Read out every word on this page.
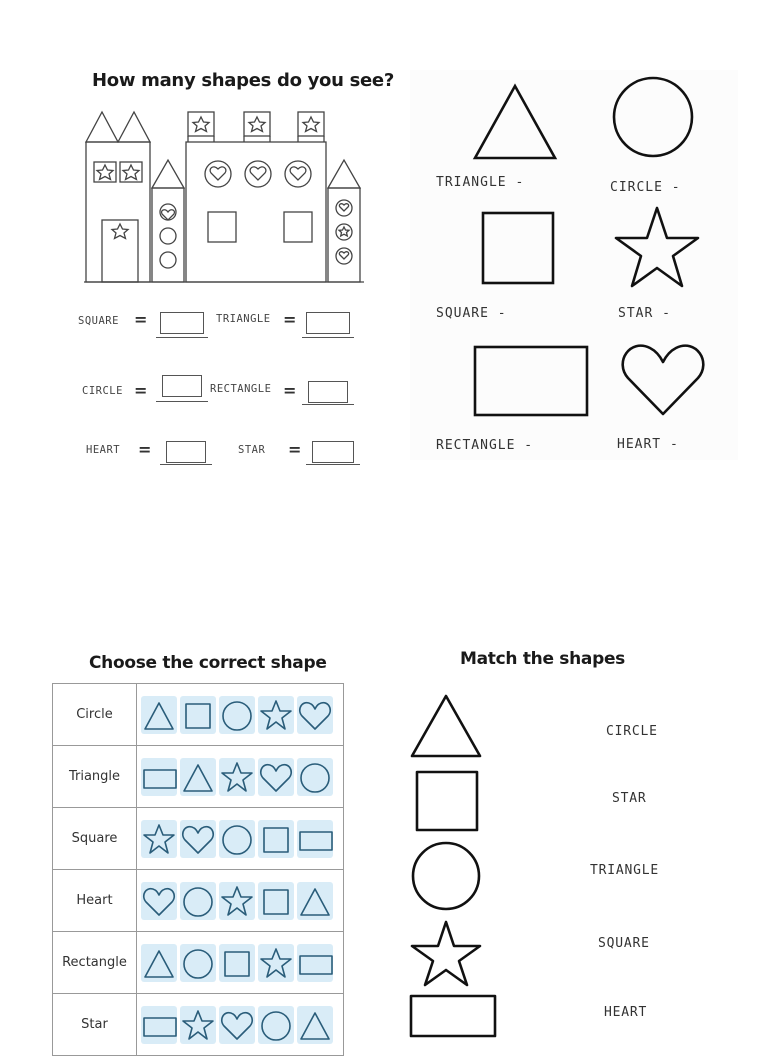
How many shapes do you see?
SQUARE =	TRIANGLE =
CIRCLE =	RECTANGLE =
HEART =	STAR =
TRIANGLE -	CIRCLE -
SQUARE -	STAR -
RECTANGLE -	HEART -
Choose the correct shape
Circle	

Triangle	

Square	

Heart	

Rectangle	

Star	
Match the shapes
CIRCLE
STAR
TRIANGLE
SQUARE
HEART
